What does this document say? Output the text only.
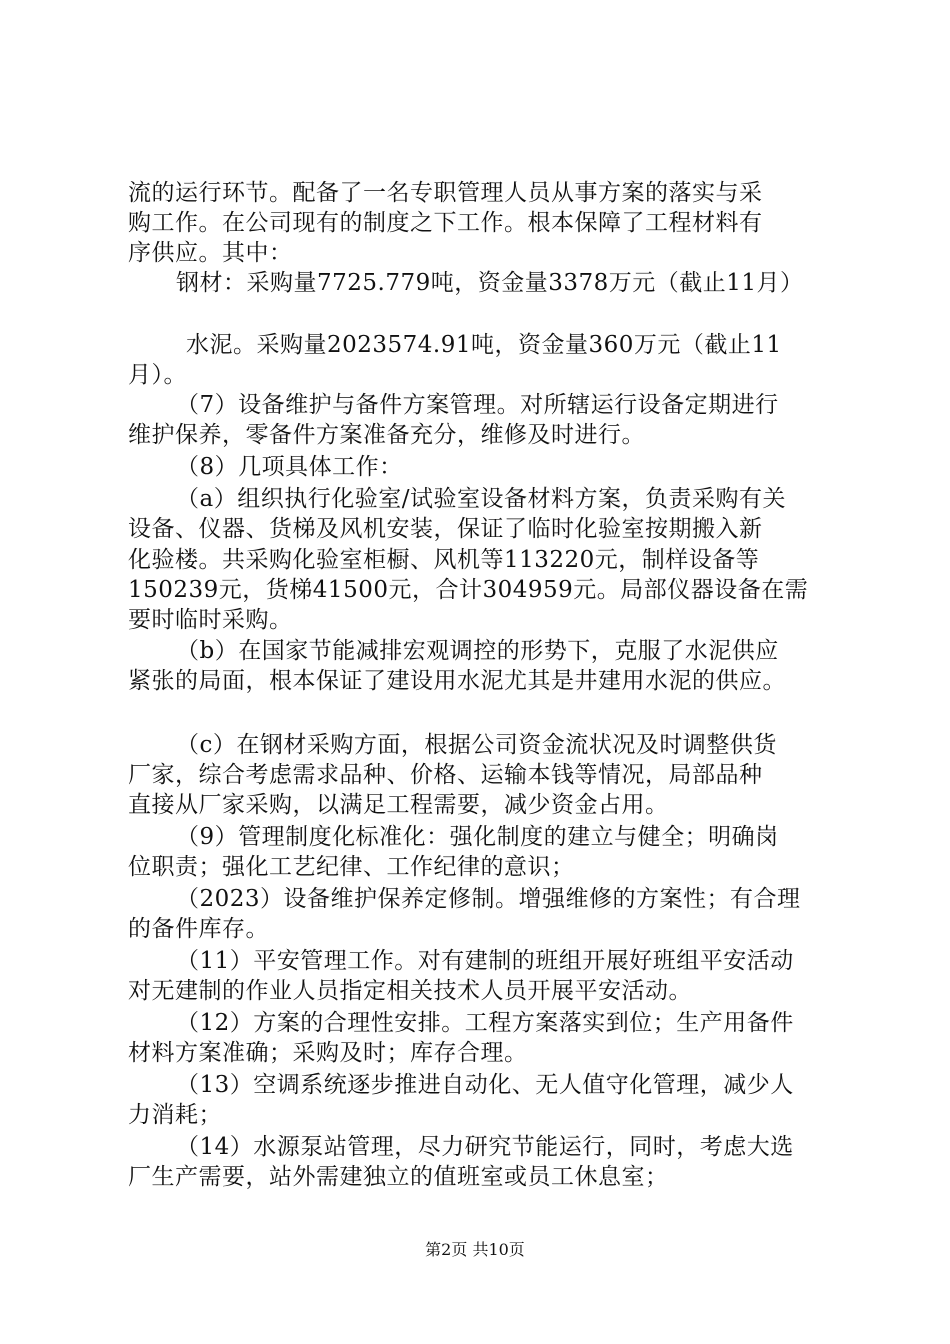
流的运行环节。配备了一名专职管理人员从事方案的落实与采
购工作。在公司现有的制度之下工作。根本保障了工程材料有
序供应。其中：
钢材：采购量7725.779吨，资金量3378万元（截止11月）
水泥。采购量2023574.91吨，资金量360万元（截止11
月）。
（7）设备维护与备件方案管理。对所辖运行设备定期进行
维护保养，零备件方案准备充分，维修及时进行。
（8）几项具体工作：
（a）组织执行化验室/试验室设备材料方案，负责采购有关
设备、仪器、货梯及风机安装，保证了临时化验室按期搬入新
化验楼。共采购化验室柜橱、风机等113220元，制样设备等
150239元，货梯41500元，合计304959元。局部仪器设备在需
要时临时采购。
（b）在国家节能减排宏观调控的形势下，克服了水泥供应
紧张的局面，根本保证了建设用水泥尤其是井建用水泥的供应。
（c）在钢材采购方面，根据公司资金流状况及时调整供货
厂家，综合考虑需求品种、价格、运输本钱等情况，局部品种
直接从厂家采购，以满足工程需要，减少资金占用。
（9）管理制度化标准化：强化制度的建立与健全；明确岗
位职责；强化工艺纪律、工作纪律的意识；
（2023）设备维护保养定修制。增强维修的方案性；有合理
的备件库存。
（11）平安管理工作。对有建制的班组开展好班组平安活动
对无建制的作业人员指定相关技术人员开展平安活动。
（12）方案的合理性安排。工程方案落实到位；生产用备件
材料方案准确；采购及时；库存合理。
（13）空调系统逐步推进自动化、无人值守化管理，减少人
力消耗；
（14）水源泵站管理，尽力研究节能运行，同时，考虑大选
厂生产需要，站外需建独立的值班室或员工休息室；
第2页 共10页
